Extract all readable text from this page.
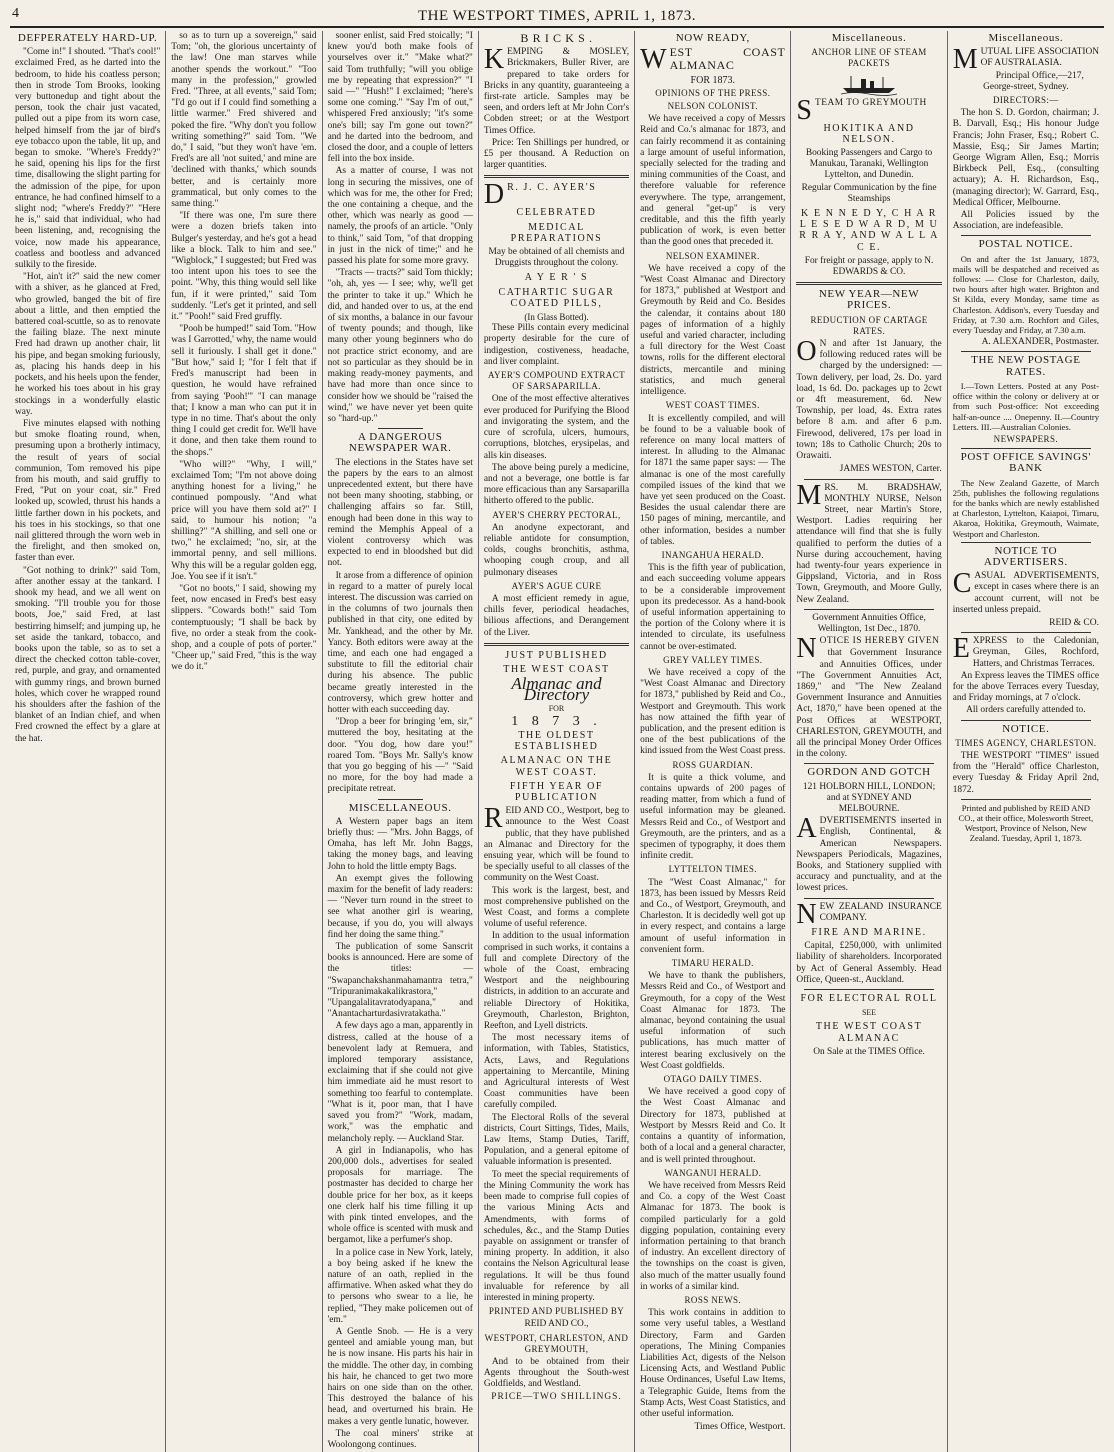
4	THE WESTPORT TIMES, APRIL 1, 1873.
DEFPERATELY HARD-UP.

"Come in!" I shouted. "That's cool!" exclaimed Fred, as he darted into the bedroom, to hide his coatless person; then in strode Tom Brooks, looking very buttonedup and tight about the person, took the chair just vacated, pulled out a pipe from its worn case, helped himself from the jar of bird's eye tobacco upon the table, lit up, and began to smoke. "Where's Freddy?" he said, opening his lips for the first time, disallowing the slight parting for the admission of the pipe, for upon entrance, he had confined himself to a slight nod; "where's Freddy?" "Here he is," said that individual, who had been listening, and, recognising the voice, now made his appearance, coatless and bootless and advanced sulkily to the fireside.

"Hot, ain't it?" said the new comer with a shiver, as he glanced at Fred, who growled, banged the bit of fire about a little, and then emptied the battered coal-scuttle, so as to renovate the failing blaze. The next minute Fred had drawn up another chair, lit his pipe, and began smoking furiously, as, placing his hands deep in his pockets, and his heels upon the fender, he worked his toes about in his gray stockings in a wonderfully elastic way.

Five minutes elapsed with nothing but smoke floating round, when, presuming upon a brotherly intimacy, the result of years of social communion, Tom removed his pipe from his mouth, and said gruffly to Fred, "Put on your coat, sir." Fred looked up, scowled, thrust his hands a little farther down in his pockets, and his toes in his stockings, so that one nail glittered through the worn web in the firelight, and then smoked on, faster than ever.

"Got nothing to drink?" said Tom, after another essay at the tankard. I shook my head, and we all went on smoking. "I'll trouble you for those boots, Joe," said Fred, at last bestirring himself; and jumping up, he set aside the tankard, tobacco, and books upon the table, so as to set a direct the checked cotton table-cover, red, purple, and gray, and ornamented with gummy rings, and brown burned holes, which cover he wrapped round his shoulders after the fashion of the blanket of an Indian chief, and when Fred crowned the effect by a glare at the hat.

so as to turn up a sovereign," said Tom; "oh, the glorious uncertainty of the law! One man starves while another spends the workout." "Too many in the profession," growled Fred. "Three, at all events," said Tom; "I'd go out if I could find something a little warmer." Fred shivered and poked the fire. "Why don't you follow writing something?" said Tom. "We do," I said, "but they won't have 'em. Fred's are all 'not suited,' and mine are 'declined with thanks,' which sounds better, and is certainly more grammatical, but only comes to the same thing."

"If there was one, I'm sure there were a dozen briefs taken into Bulger's yesterday, and he's got a head like a block. Talk to him and see." "Wigblock," I suggested; but Fred was too intent upon his toes to see the point. "Why, this thing would sell like fun, if it were printed," said Tom suddenly. "Let's get it printed, and sell it." "Pooh!" said Fred gruffly.

"Pooh be humped!" said Tom. "How was I Garrotted,' why, the name would sell it furiously. I shall get it done." "But how," said I; "for I felt that if Fred's manuscript had been in question, he would have refrained from saying 'Pooh!'" "I can manage that; I know a man who can put it in type in no time. That's about the only thing I could get credit for. We'll have it done, and then take them round to the shops."

"Who will?" "Why, I will," exclaimed Tom; "I'm not above doing anything honest for a living," he continued pompously. "And what price will you have them sold at?" I said, to humour his notion; "a shilling?" "A shilling, and sell one or two," he exclaimed; "no, sir, at the immortal penny, and sell millions. Why this will be a regular golden egg, Joe. You see if it isn't."

"Got no boots," I said, showing my feet, now encased in Fred's best easy slippers. "Cowards both!" said Tom contemptuously; "I shall be back by five, no order a steak from the cook-shop, and a couple of pots of porter." "Cheer up," said Fred, "this is the way we do it."

sooner enlist, said Fred stoically; "I knew you'd both make fools of yourselves over it." "Make what?" said Tom truthfully; "will you oblige me by repeating that expression?" "I said —" "Hush!" I exclaimed; "here's some one coming." "Say I'm of out," whispered Fred anxiously; "it's some one's bill; say I'm gone out town?" and he darted into the bedroom, and closed the door, and a couple of letters fell into the box inside.

As a matter of course, I was not long in securing the missives, one of which was for me, the other for Fred; the one containing a cheque, and the other, which was nearly as good — namely, the proofs of an article. "Only to think," said Tom, "of that dropping in just in the nick of time;" and he passed his plate for some more gravy.

"Tracts — tracts?" said Tom thickly; "oh, ah, yes — I see; why, we'll get the printer to take it up." Which he did, and handed over to us, at the end of six months, a balance in our favour of twenty pounds; and though, like many other young beginners who do not practice strict economy, and are not so particular as they should be in making ready-money payments, and have had more than once since to consider how we should be "raised the wind," we have never yet been quite so "hard-up."

A DANGEROUS NEWSPAPER WAR.

The elections in the States have set the papers by the ears to an almost unprecedented extent, but there have not been many shooting, stabbing, or challenging affairs so far. Still, enough had been done in this way to remind the Memphis Appeal of a violent controversy which was expected to end in bloodshed but did not.

It arose from a difference of opinion in regard to a matter of purely local interest. The discussion was carried on in the columns of two journals then published in that city, one edited by Mr. Yankhead, and the other by Mr. Yancy. Both editors were away at the time, and each one had engaged a substitute to fill the editorial chair during his absence. The public became greatly interested in the controversy, which grew hotter and hotter with each succeeding day.

"Drop a beer for bringing 'em, sir," muttered the boy, hesitating at the door. "You dog, how dare you!" roared Tom. "Boys Mr. Sally's know that you go begging of his —" "Said no more, for the boy had made a precipitate retreat.

MISCELLANEOUS.

A Western paper bags an item briefly thus: — "Mrs. John Baggs, of Omaha, has left Mr. John Baggs, taking the money bags, and leaving John to hold the little empty Bags.

An exempt gives the following maxim for the benefit of lady readers: — "Never turn round in the street to see what another girl is wearing, because, if you do, you will always find her doing the same thing."

The publication of some Sanscrit books is announced. Here are some of the titles: — "Swapanchakshanmahamantra tetra," "Tripuranimakakalikrastora," "Upangalalitavratodyapana," and "Anantacharturdasivratakatha."

A few days ago a man, apparently in distress, called at the house of a benevolent lady at Remuera, and implored temporary assistance, exclaiming that if she could not give him immediate aid he must resort to something too fearful to contemplate. "What is it, poor man, that I have saved you from?" "Work, madam, work," was the emphatic and melancholy reply. — Auckland Star.

A girl in Indianapolis, who has 200,000 dols., advertises for sealed proposals for marriage. The postmaster has decided to charge her double price for her box, as it keeps one clerk half his time filling it up with pink tinted envelopes, and the whole office is scented with musk and bergamot, like a perfumer's shop.

In a police case in New York, lately, a boy being asked if he knew the nature of an oath, replied in the affirmative. When asked what they do to persons who swear to a lie, he replied, "They make policemen out of 'em."

A Gentle Snob. — He is a very genteel and amiable young man, but he is now insane. His parts his hair in the middle. The other day, in combing his hair, he chanced to get two more hairs on one side than on the other. This destroyed the balance of his head, and overturned his brain. He makes a very gentle lunatic, however.

The coal miners' strike at Woolongong continues.

B R I C K S .

KEMPING & MOSLEY, Brickmakers, Buller River, are prepared to take orders for Bricks in any quantity, guaranteeing a first-rate article. Samples may be seen, and orders left at Mr John Corr's Cobden street; or at the Westport Times Office.

Price: Ten Shillings per hundred, or £5 per thousand. A Reduction on larger quantities.

D R. J. C. AYER'S

CELEBRATED
MEDICAL PREPARATIONS

May be obtained of all chemists and Druggists throughout the colony.

A Y E R ' S
CATHARTIC SUGAR COATED PILLS,
(In Glass Botted).

These Pills contain every medicinal property desirable for the cure of indigestion, costiveness, headache, and liver complaint.

AYER'S COMPOUND EXTRACT OF SARSAPARILLA.

One of the most effective alteratives ever produced for Purifying the Blood and invigorating the system, and the cure of scrofula, ulcers, humours, corruptions, blotches, erysipelas, and alls kin diseases.

The above being purely a medicine, and not a beverage, one bottle is far more efficacious than any Sarsaparilla hitherto offered to the public.

AYER'S CHERRY PECTORAL,

An anodyne expectorant, and reliable antidote for consumption, colds, coughs bronchitis, asthma, whooping cough croup, and all pulmonary diseases

AYER'S AGUE CURE

A most efficient remedy in ague, chills fever, periodical headaches, bilious affections, and Derangement of the Liver.

JUST PUBLISHED
THE WEST COAST
Almanac and Directory
FOR
1 8 7 3 .
THE OLDEST ESTABLISHED
ALMANAC ON THE WEST COAST.
FIFTH YEAR OF PUBLICATION

REID AND CO., Westport, beg to announce to the West Coast public, that they have published an Almanac and Directory for the ensuing year, which will be found to be specially useful to all classes of the community on the West Coast.

This work is the largest, best, and most comprehensive published on the West Coast, and forms a complete volume of useful reference.

In addition to the usual information comprised in such works, it contains a full and complete Directory of the whole of the Coast, embracing Westport and the neighbouring districts, in addition to an accurate and reliable Directory of Hokitika, Greymouth, Charleston, Brighton, Reefton, and Lyell districts.

The most necessary items of information, with Tables, Statistics, Acts, Laws, and Regulations appertaining to Mercantile, Mining and Agricultural interests of West Coast communities have been carefully compiled.

The Electoral Rolls of the several districts, Court Sittings, Tides, Mails, Law Items, Stamp Duties, Tariff, Population, and a general epitome of valuable information is presented.

To meet the special requirements of the Mining Community the work has been made to comprise full copies of the various Mining Acts and Amendments, with forms of schedules, &c., and the Stamp Duties payable on assignment or transfer of mining property. In addition, it also contains the Nelson Agricultural lease regulations. It will be thus found invaluable for reference by all interested in mining property.

PRINTED AND PUBLISHED BY
REID AND CO.,
WESTPORT, CHARLESTON, AND GREYMOUTH,

And to be obtained from their Agents throughout the South-west Goldfields, and Westland.

PRICE—TWO SHILLINGS.
NOW READY,

WEST COAST ALMANAC

FOR 1873.
OPINIONS OF THE PRESS.
NELSON COLONIST.

We have received a copy of Messrs Reid and Co.'s almanac for 1873, and can fairly recommend it as containing a large amount of useful information, specially selected for the trading and mining communities of the Coast, and therefore valuable for reference everywhere. The type, arrangement, and general "get-up" is very creditable, and this the fifth yearly publication of work, is even better than the good ones that preceded it.

NELSON EXAMINER.

We have received a copy of the "West Coast Almanac and Directory for 1873," published at Westport and Greymouth by Reid and Co. Besides the calendar, it contains about 180 pages of information of a highly useful and varied character, including a full directory for the West Coast towns, rolls for the different electoral districts, mercantile and mining statistics, and much general intelligence.

WEST COAST TIMES.

It is excellently compiled, and will be found to be a valuable book of reference on many local matters of interest. In alluding to the Almanac for 1871 the same paper says: — The almanac is one of the most carefully compiled issues of the kind that we have yet seen produced on the Coast. Besides the usual calendar there are 150 pages of mining, mercantile, and other information, besides a number of tables.

INANGAHUA HERALD.

This is the fifth year of publication, and each succeeding volume appears to be a considerable improvement upon its predecessor. As a hand-book of useful information appertaining to the portion of the Colony where it is intended to circulate, its usefulness cannot be over-estimated.

GREY VALLEY TIMES.

We have received a copy of the "West Coast Almanac and Directory for 1873," published by Reid and Co., Westport and Greymouth. This work has now attained the fifth year of publication, and the present edition is one of the best publications of the kind issued from the West Coast press.

ROSS GUARDIAN.

It is quite a thick volume, and contains upwards of 200 pages of reading matter, from which a fund of useful information may be gleaned. Messrs Reid and Co., of Westport and Greymouth, are the printers, and as a specimen of typography, it does them infinite credit.

LYTTELTON TIMES.

The "West Coast Almanac," for 1873, has been issued by Messrs Reid and Co., of Westport, Greymouth, and Charleston. It is decidedly well got up in every respect, and contains a large amount of useful information in convenient form.

TIMARU HERALD.

We have to thank the publishers, Messrs Reid and Co., of Westport and Greymouth, for a copy of the West Coast Almanac for 1873. The almanac, beyond containing the usual useful information of such publications, has much matter of interest bearing exclusively on the West Coast goldfields.

OTAGO DAILY TIMES.

We have received a good copy of the West Coast Almanac and Directory for 1873, published at Westport by Messrs Reid and Co. It contains a quantity of information, both of a local and a general character, and is well printed throughout.

WANGANUI HERALD.

We have received from Messrs Reid and Co. a copy of the West Coast Almanac for 1873. The book is compiled particularly for a gold digging population, containing every information pertaining to that branch of industry. An excellent directory of the townships on the coast is given, also much of the matter usually found in works of a similar kind.

ROSS NEWS.

This work contains in addition to some very useful tables, a Westland Directory, Farm and Garden operations, The Mining Companies Liabilities Act, digests of the Nelson Licensing Acts, and Westland Public House Ordinances, Useful Law Items, a Telegraphic Guide, Items from the Stamp Acts, West Coast Statistics, and other useful information.

Times Office, Westport.
Miscellaneous.
ANCHOR LINE OF STEAM PACKETS

STEAM TO GREYMOUTH

HOKITIKA AND NELSON.

Booking Passengers and Cargo to Manukau, Taranaki, Wellington Lyttelton, and Dunedin.

Regular Communication by the fine Steamships

K E N N E D Y, C H A R L E S E D W A R D, M U R R A Y, AND W A L L A C E.

For freight or passage, apply to N. EDWARDS & CO.

NEW YEAR—NEW PRICES.
REDUCTION OF CARTAGE RATES.

O N and after 1st January, the following reduced rates will be charged by the undersigned: — Town delivery, per load, 2s. Do. yard load, 1s 6d. Do. packages up to 2cwt or 4ft measurement, 6d. New Township, per load, 4s. Extra rates before 8 a.m. and after 6 p.m. Firewood, delivered, 17s per load in town; 18s to Catholic Church; 20s to Orawaiti.

JAMES WESTON, Carter.

MRS. M. BRADSHAW, MONTHLY NURSE, Nelson Street, near Martin's Store, Westport. Ladies requiring her attendance will find that she is fully qualified to perform the duties of a Nurse during accouchement, having had twenty-four years experience in Gippsland, Victoria, and in Ross Town, Greymouth, and Moore Gully, New Zealand.

Government Annuities Office, Wellington, 1st Dec., 1870.

NOTICE IS HEREBY GIVEN

that Government Insurance and Annuities Offices, under "The Government Annuities Act, 1869," and "The New Zealand Government Insurance and Annuities Act, 1870," have been opened at the Post Offices at WESTPORT, CHARLESTON, GREYMOUTH, and all the principal Money Order Offices in the colony.

GORDON AND GOTCH

121 HOLBORN HILL, LONDON; and at SYDNEY AND MELBOURNE.

ADVERTISEMENTS inserted in English, Continental, & American Newspapers. Newspapers Periodicals, Magazines, Books, and Stationery supplied with accuracy and punctuality, and at the lowest prices.

NEW ZEALAND INSURANCE COMPANY.

FIRE AND MARINE.

Capital, £250,000, with unlimited liability of shareholders. Incorporated by Act of General Assembly. Head Office, Queen-st., Auckland.

FOR ELECTORAL ROLL
SEE
THE WEST COAST ALMANAC

On Sale at the TIMES Office.

Miscellaneous.

MUTUAL LIFE ASSOCIATION OF AUSTRALASIA.

Principal Office,—217, George-street, Sydney.

DIRECTORS:—

The hon S. D. Gordon, chairman; J. B. Darvall, Esq.; His honour Judge Francis; John Fraser, Esq.; Robert C. Massie, Esq.; Sir James Martin; George Wigram Allen, Esq.; Morris Birkbeck Pell, Esq., (consulting actuary); A. H. Richardson, Esq., (managing director); W. Garrard, Esq., Medical Officer, Melbourne.

All Policies issued by the Association, are indefeasible.

POSTAL NOTICE.

On and after the 1st January, 1873, mails will be despatched and received as follows: — Close for Charleston, daily, two hours after high water. Brighton and St Kilda, every Monday, same time as Charleston. Addison's, every Tuesday and Friday, at 7.30 a.m. Rochfort and Giles, every Tuesday and Friday, at 7.30 a.m.

A. ALEXANDER, Postmaster.
THE NEW POSTAGE RATES.

I.—Town Letters. Posted at any Post-office within the colony or delivery at or from such Post-office: Not exceeding half-an-ounce .... Onepenny. II.—Country Letters. III.—Australian Colonies.

NEWSPAPERS.
POST OFFICE SAVINGS' BANK

The New Zealand Gazette, of March 25th, publishes the following regulations for the banks which are newly established at Charleston, Lyttelton, Kaiapoi, Timaru, Akaroa, Hokitika, Greymouth, Waimate, Westport and Charleston.

NOTICE TO ADVERTISERS.

CASUAL ADVERTISEMENTS, except in cases where there is an account current, will not be inserted unless prepaid.

REID & CO.

EXPRESS to the Caledonian, Greyman, Giles, Rochford, Hatters, and Christmas Terraces.

An Express leaves the TIMES office for the above Terraces every Tuesday, and Friday mornings, at 7 o'clock.

All orders carefully attended to.

NOTICE.
TIMES AGENCY, CHARLESTON.

THE WESTPORT "TIMES" issued from the "Herald" office Charleston, every Tuesday & Friday April 2nd, 1872.

Printed and published by REID AND CO., at their office, Molesworth Street, Westport, Province of Nelson, New Zealand. Tuesday, April 1, 1873.
